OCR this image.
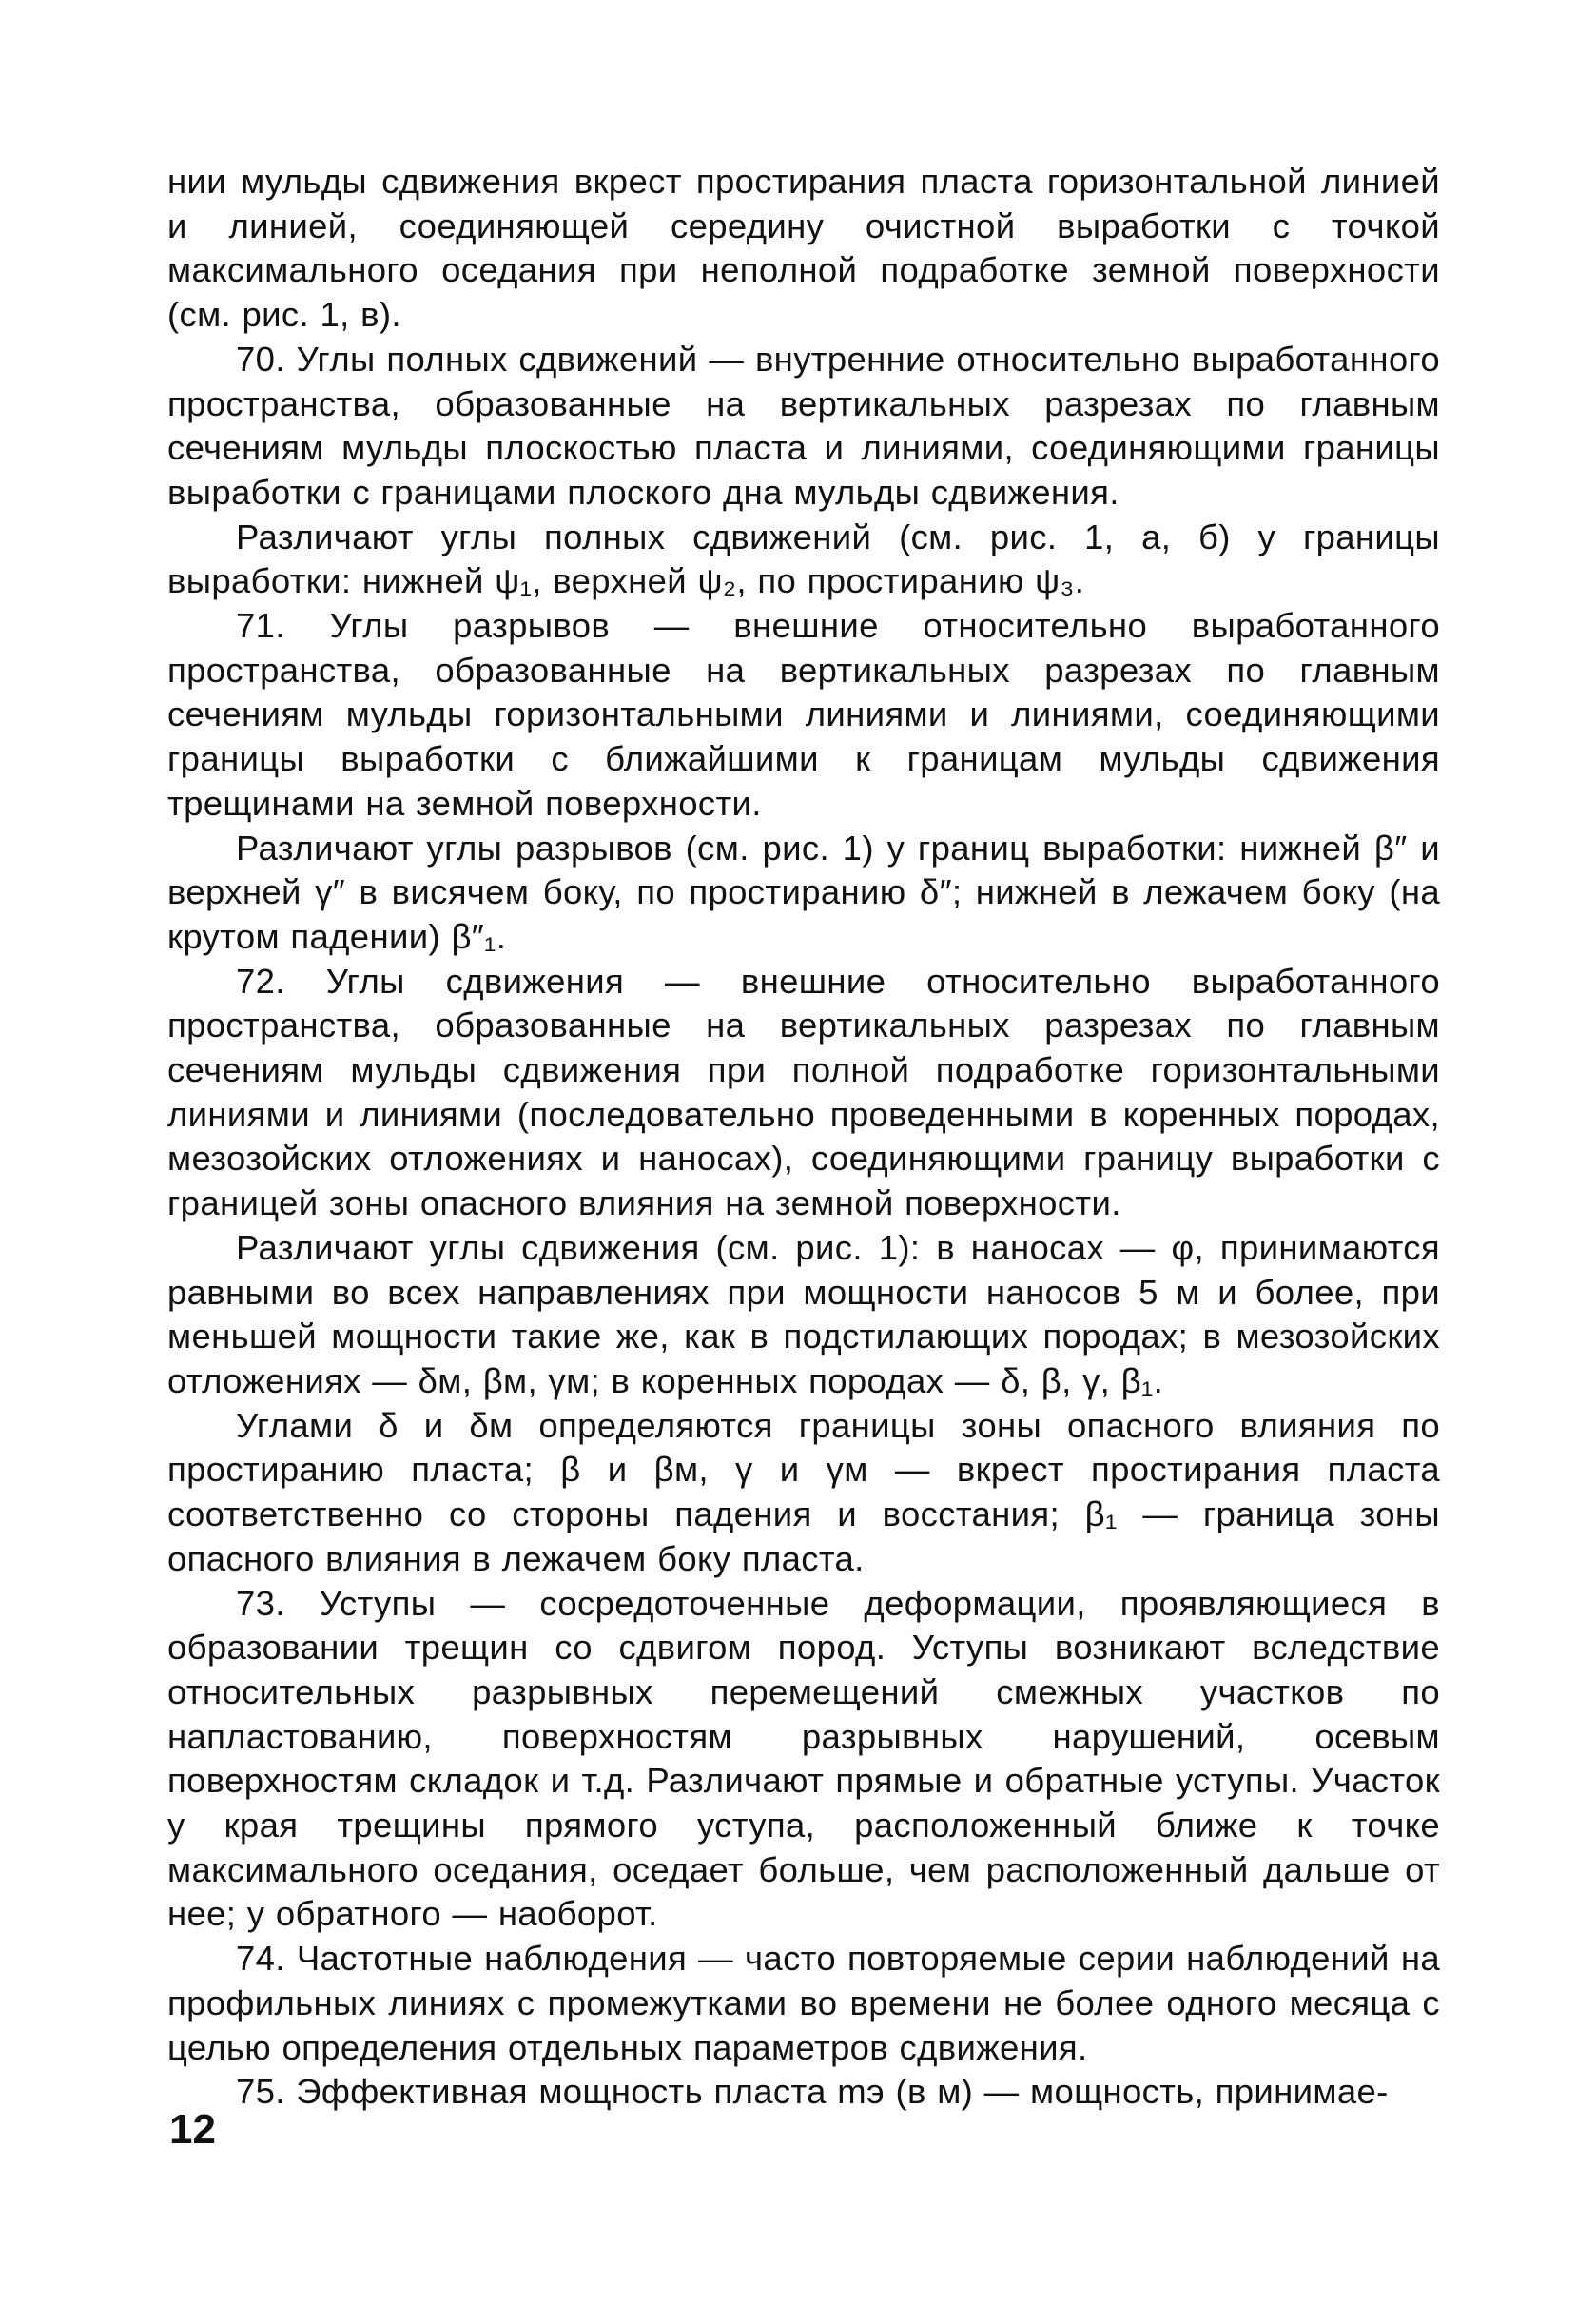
нии мульды сдвижения вкрест простирания пласта горизонтальной линией и линией, соединяющей середину очистной выработки с точкой максимального оседания при неполной подработке земной поверхности (см. рис. 1, в).

70. Углы полных сдвижений — внутренние относительно выработанного пространства, образованные на вертикальных разрезах по главным сечениям мульды плоскостью пласта и линиями, соединяющими границы выработки с границами плоского дна мульды сдвижения.

Различают углы полных сдвижений (см. рис. 1, а, б) у границы выработки: нижней ψ₁, верхней ψ₂, по простиранию ψ₃.

71. Углы разрывов — внешние относительно выработанного пространства, образованные на вертикальных разрезах по главным сечениям мульды горизонтальными линиями и линиями, соединяющими границы выработки с ближайшими к границам мульды сдвижения трещинами на земной поверхности.

Различают углы разрывов (см. рис. 1) у границ выработки: нижней β″ и верхней γ″ в висячем боку, по простиранию δ″; нижней в лежачем боку (на крутом падении) β″₁.

72. Углы сдвижения — внешние относительно выработанного пространства, образованные на вертикальных разрезах по главным сечениям мульды сдвижения при полной подработке горизонтальными линиями и линиями (последовательно проведенными в коренных породах, мезозойских отложениях и наносах), соединяющими границу выработки с границей зоны опасного влияния на земной поверхности.

Различают углы сдвижения (см. рис. 1): в наносах — φ, принимаются равными во всех направлениях при мощности наносов 5 м и более, при меньшей мощности такие же, как в подстилающих породах; в мезозойских отложениях — δм, βм, γм; в коренных породах — δ, β, γ, β₁.

Углами δ и δм определяются границы зоны опасного влияния по простиранию пласта; β и βм, γ и γм — вкрест простирания пласта соответственно со стороны падения и восстания; β₁ — граница зоны опасного влияния в лежачем боку пласта.

73. Уступы — сосредоточенные деформации, проявляющиеся в образовании трещин со сдвигом пород. Уступы возникают вследствие относительных разрывных перемещений смежных участков по напластованию, поверхностям разрывных нарушений, осевым поверхностям складок и т.д. Различают прямые и обратные уступы. Участок у края трещины прямого уступа, расположенный ближе к точке максимального оседания, оседает больше, чем расположенный дальше от нее; у обратного — наоборот.

74. Частотные наблюдения — часто повторяемые серии наблюдений на профильных линиях с промежутками во времени не более одного месяца с целью определения отдельных параметров сдвижения.

75. Эффективная мощность пласта mэ (в м) — мощность, принимае-

12
